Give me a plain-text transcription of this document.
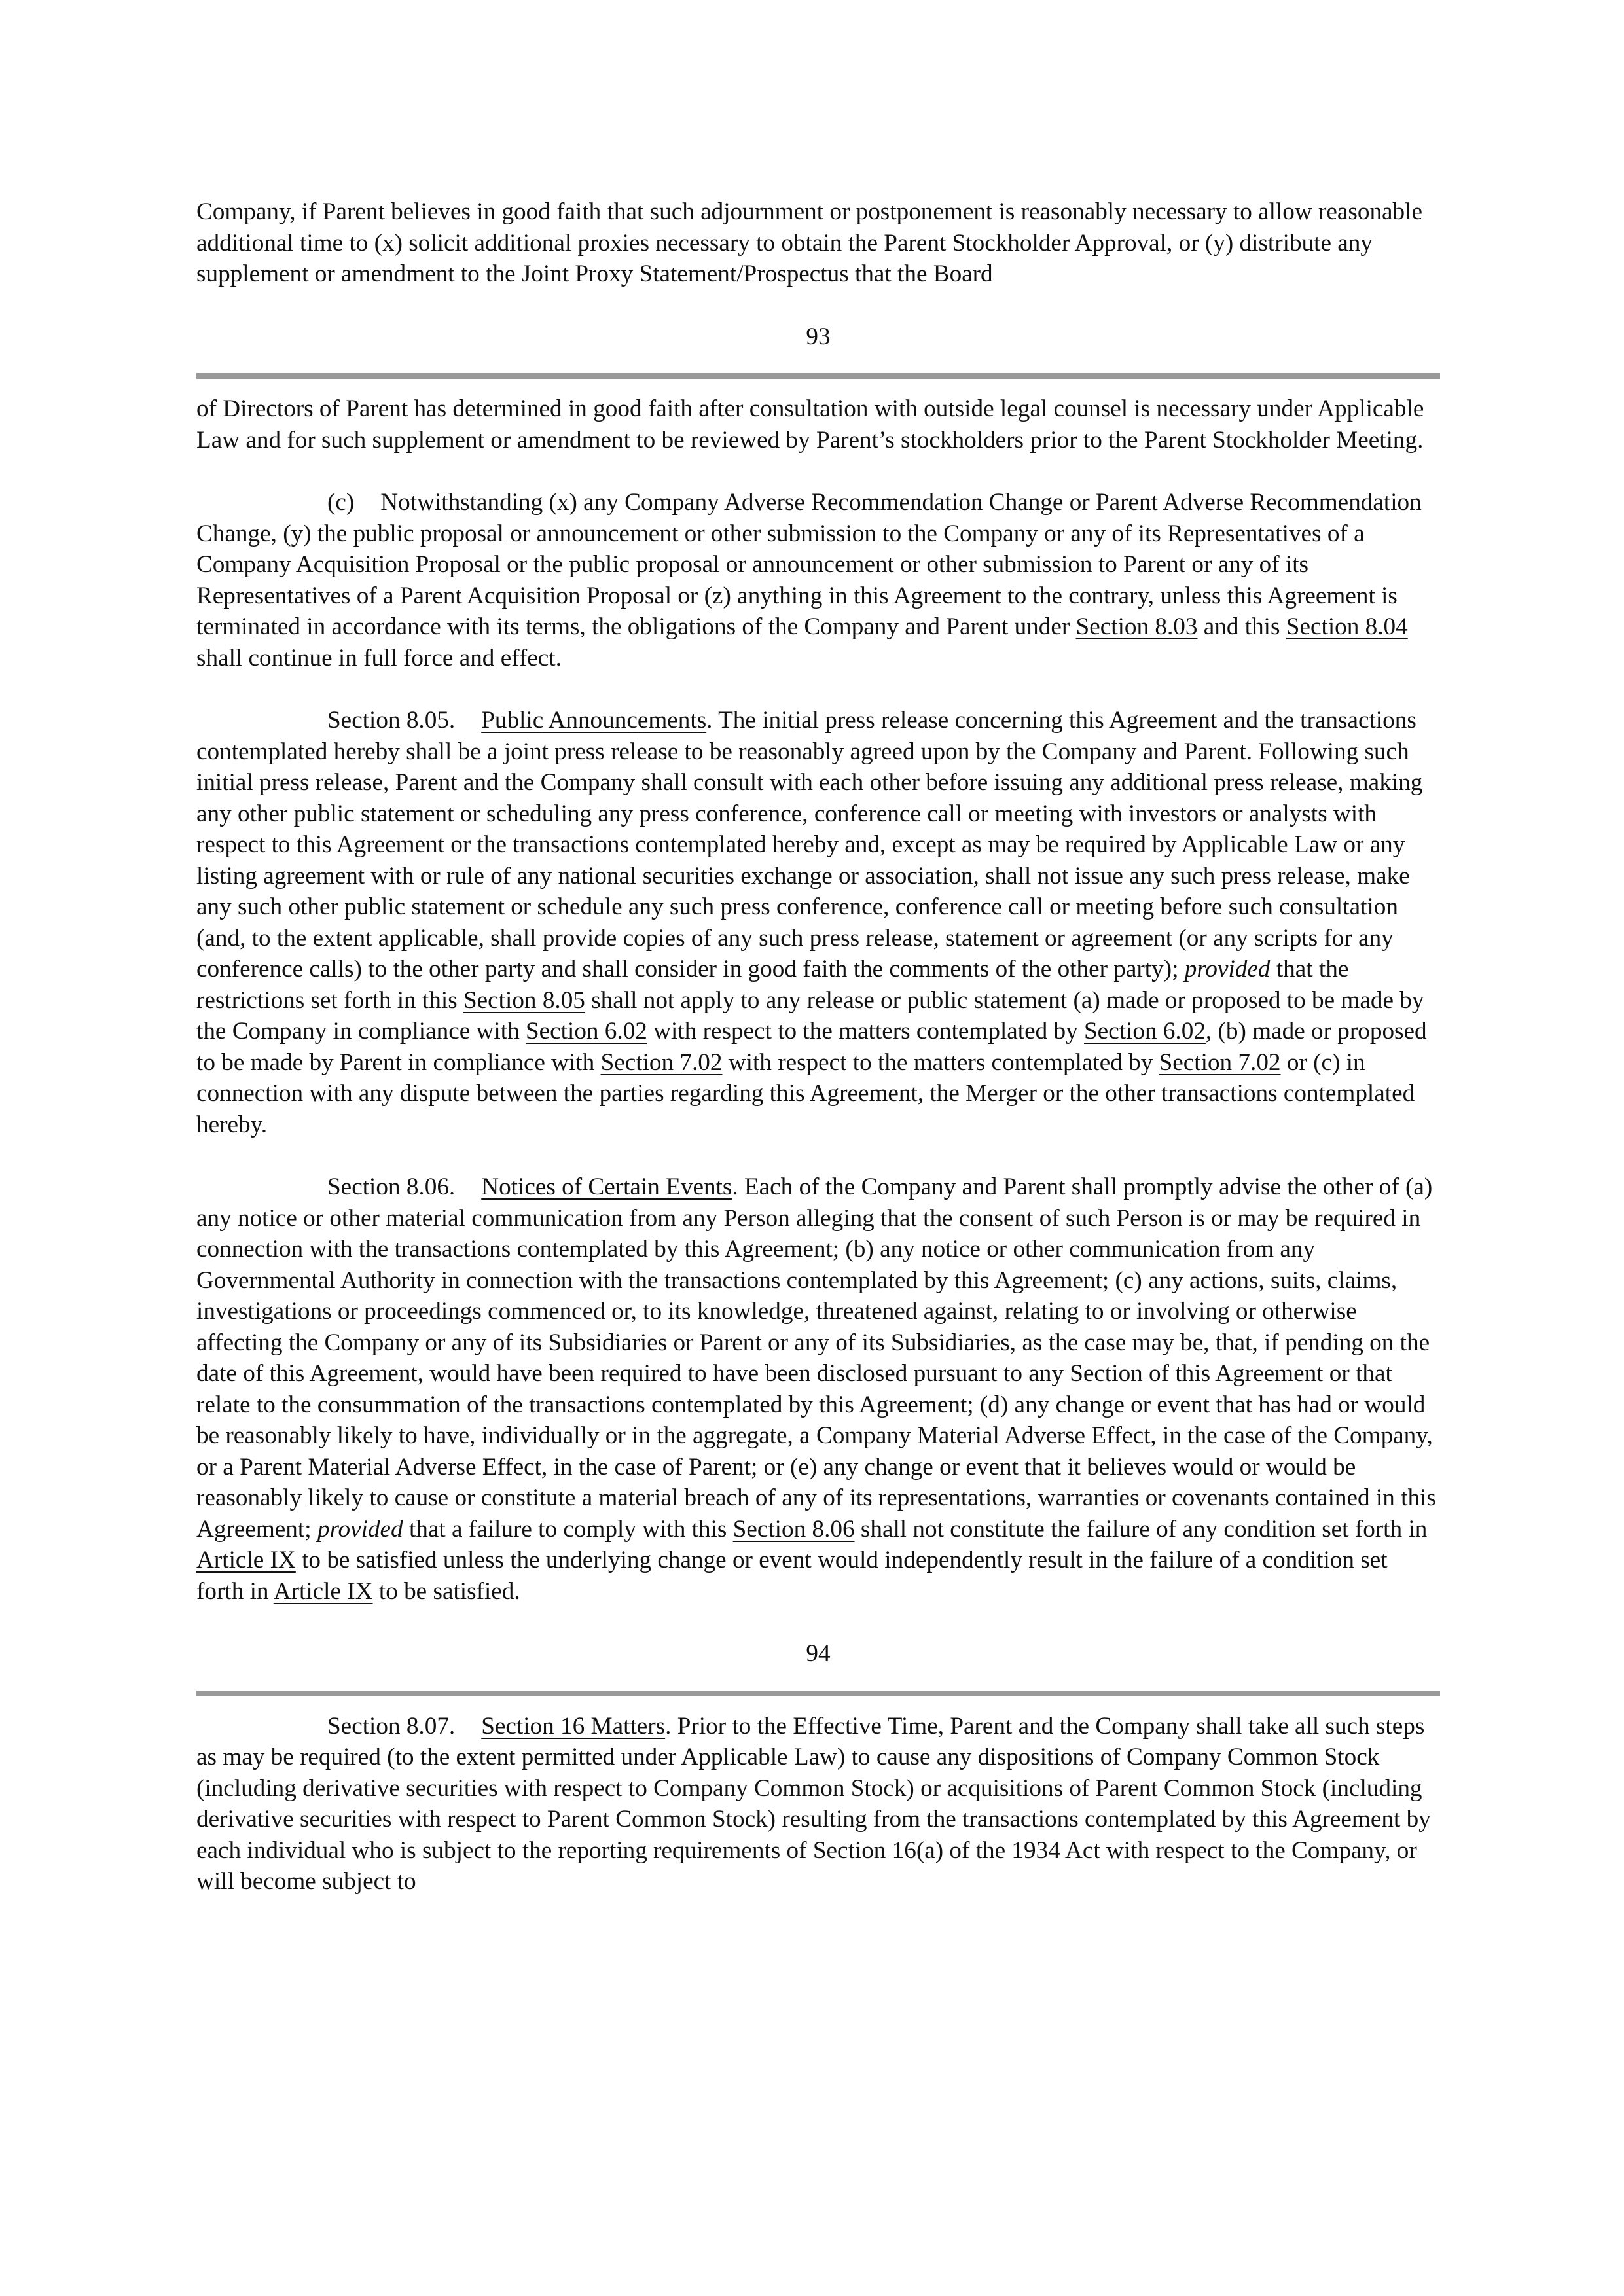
Company, if Parent believes in good faith that such adjournment or postponement is reasonably necessary to allow reasonable additional time to (x) solicit additional proxies necessary to obtain the Parent Stockholder Approval, or (y) distribute any supplement or amendment to the Joint Proxy Statement/Prospectus that the Board

93

of Directors of Parent has determined in good faith after consultation with outside legal counsel is necessary under Applicable Law and for such supplement or amendment to be reviewed by Parent’s stockholders prior to the Parent Stockholder Meeting.

(c) Notwithstanding (x) any Company Adverse Recommendation Change or Parent Adverse Recommendation Change, (y) the public proposal or announcement or other submission to the Company or any of its Representatives of a Company Acquisition Proposal or the public proposal or announcement or other submission to Parent or any of its Representatives of a Parent Acquisition Proposal or (z) anything in this Agreement to the contrary, unless this Agreement is terminated in accordance with its terms, the obligations of the Company and Parent under Section 8.03 and this Section 8.04 shall continue in full force and effect.

Section 8.05. Public Announcements. The initial press release concerning this Agreement and the transactions contemplated hereby shall be a joint press release to be reasonably agreed upon by the Company and Parent. Following such initial press release, Parent and the Company shall consult with each other before issuing any additional press release, making any other public statement or scheduling any press conference, conference call or meeting with investors or analysts with respect to this Agreement or the transactions contemplated hereby and, except as may be required by Applicable Law or any listing agreement with or rule of any national securities exchange or association, shall not issue any such press release, make any such other public statement or schedule any such press conference, conference call or meeting before such consultation (and, to the extent applicable, shall provide copies of any such press release, statement or agreement (or any scripts for any conference calls) to the other party and shall consider in good faith the comments of the other party); provided that the restrictions set forth in this Section 8.05 shall not apply to any release or public statement (a) made or proposed to be made by the Company in compliance with Section 6.02 with respect to the matters contemplated by Section 6.02, (b) made or proposed to be made by Parent in compliance with Section 7.02 with respect to the matters contemplated by Section 7.02 or (c) in connection with any dispute between the parties regarding this Agreement, the Merger or the other transactions contemplated hereby.

Section 8.06. Notices of Certain Events. Each of the Company and Parent shall promptly advise the other of (a) any notice or other material communication from any Person alleging that the consent of such Person is or may be required in connection with the transactions contemplated by this Agreement; (b) any notice or other communication from any Governmental Authority in connection with the transactions contemplated by this Agreement; (c) any actions, suits, claims, investigations or proceedings commenced or, to its knowledge, threatened against, relating to or involving or otherwise affecting the Company or any of its Subsidiaries or Parent or any of its Subsidiaries, as the case may be, that, if pending on the date of this Agreement, would have been required to have been disclosed pursuant to any Section of this Agreement or that relate to the consummation of the transactions contemplated by this Agreement; (d) any change or event that has had or would be reasonably likely to have, individually or in the aggregate, a Company Material Adverse Effect, in the case of the Company, or a Parent Material Adverse Effect, in the case of Parent; or (e) any change or event that it believes would or would be reasonably likely to cause or constitute a material breach of any of its representations, warranties or covenants contained in this Agreement; provided that a failure to comply with this Section 8.06 shall not constitute the failure of any condition set forth in Article IX to be satisfied unless the underlying change or event would independently result in the failure of a condition set forth in Article IX to be satisfied.

94

Section 8.07. Section 16 Matters. Prior to the Effective Time, Parent and the Company shall take all such steps as may be required (to the extent permitted under Applicable Law) to cause any dispositions of Company Common Stock (including derivative securities with respect to Company Common Stock) or acquisitions of Parent Common Stock (including derivative securities with respect to Parent Common Stock) resulting from the transactions contemplated by this Agreement by each individual who is subject to the reporting requirements of Section 16(a) of the 1934 Act with respect to the Company, or will become subject to
